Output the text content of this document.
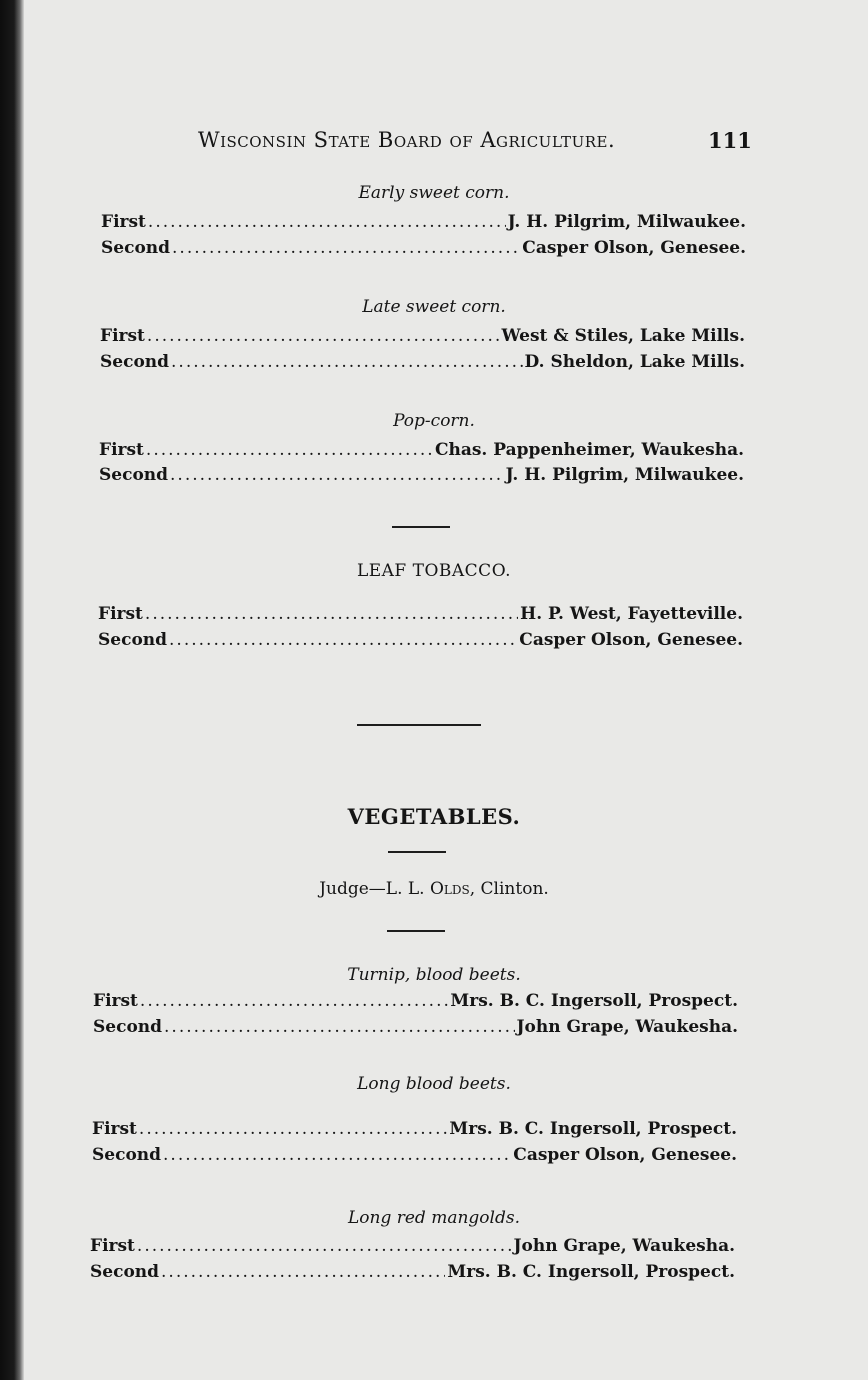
Wisconsin State Board of Agriculture.	111
Early sweet corn.
First .....	J. H. Pilgrim, Milwaukee.
Second .....	Casper Olson, Genesee.
Late sweet corn.
First .....	West & Stiles, Lake Mills.
Second .....	D. Sheldon, Lake Mills.
Pop-corn.
First .....	Chas. Pappenheimer, Waukesha.
Second .....	J. H. Pilgrim, Milwaukee.
LEAF TOBACCO.
First .....	H. P. West, Fayetteville.
Second .....	Casper Olson, Genesee.
VEGETABLES.
Judge—L. L. Olds, Clinton.
Turnip, blood beets.
First .....	Mrs. B. C. Ingersoll, Prospect.
Second .....	John Grape, Waukesha.
Long blood beets.
First .....	Mrs. B. C. Ingersoll, Prospect.
Second .....	Casper Olson, Genesee.
Long red mangolds.
First .....	John Grape, Waukesha.
Second .....	Mrs. B. C. Ingersoll, Prospect.
